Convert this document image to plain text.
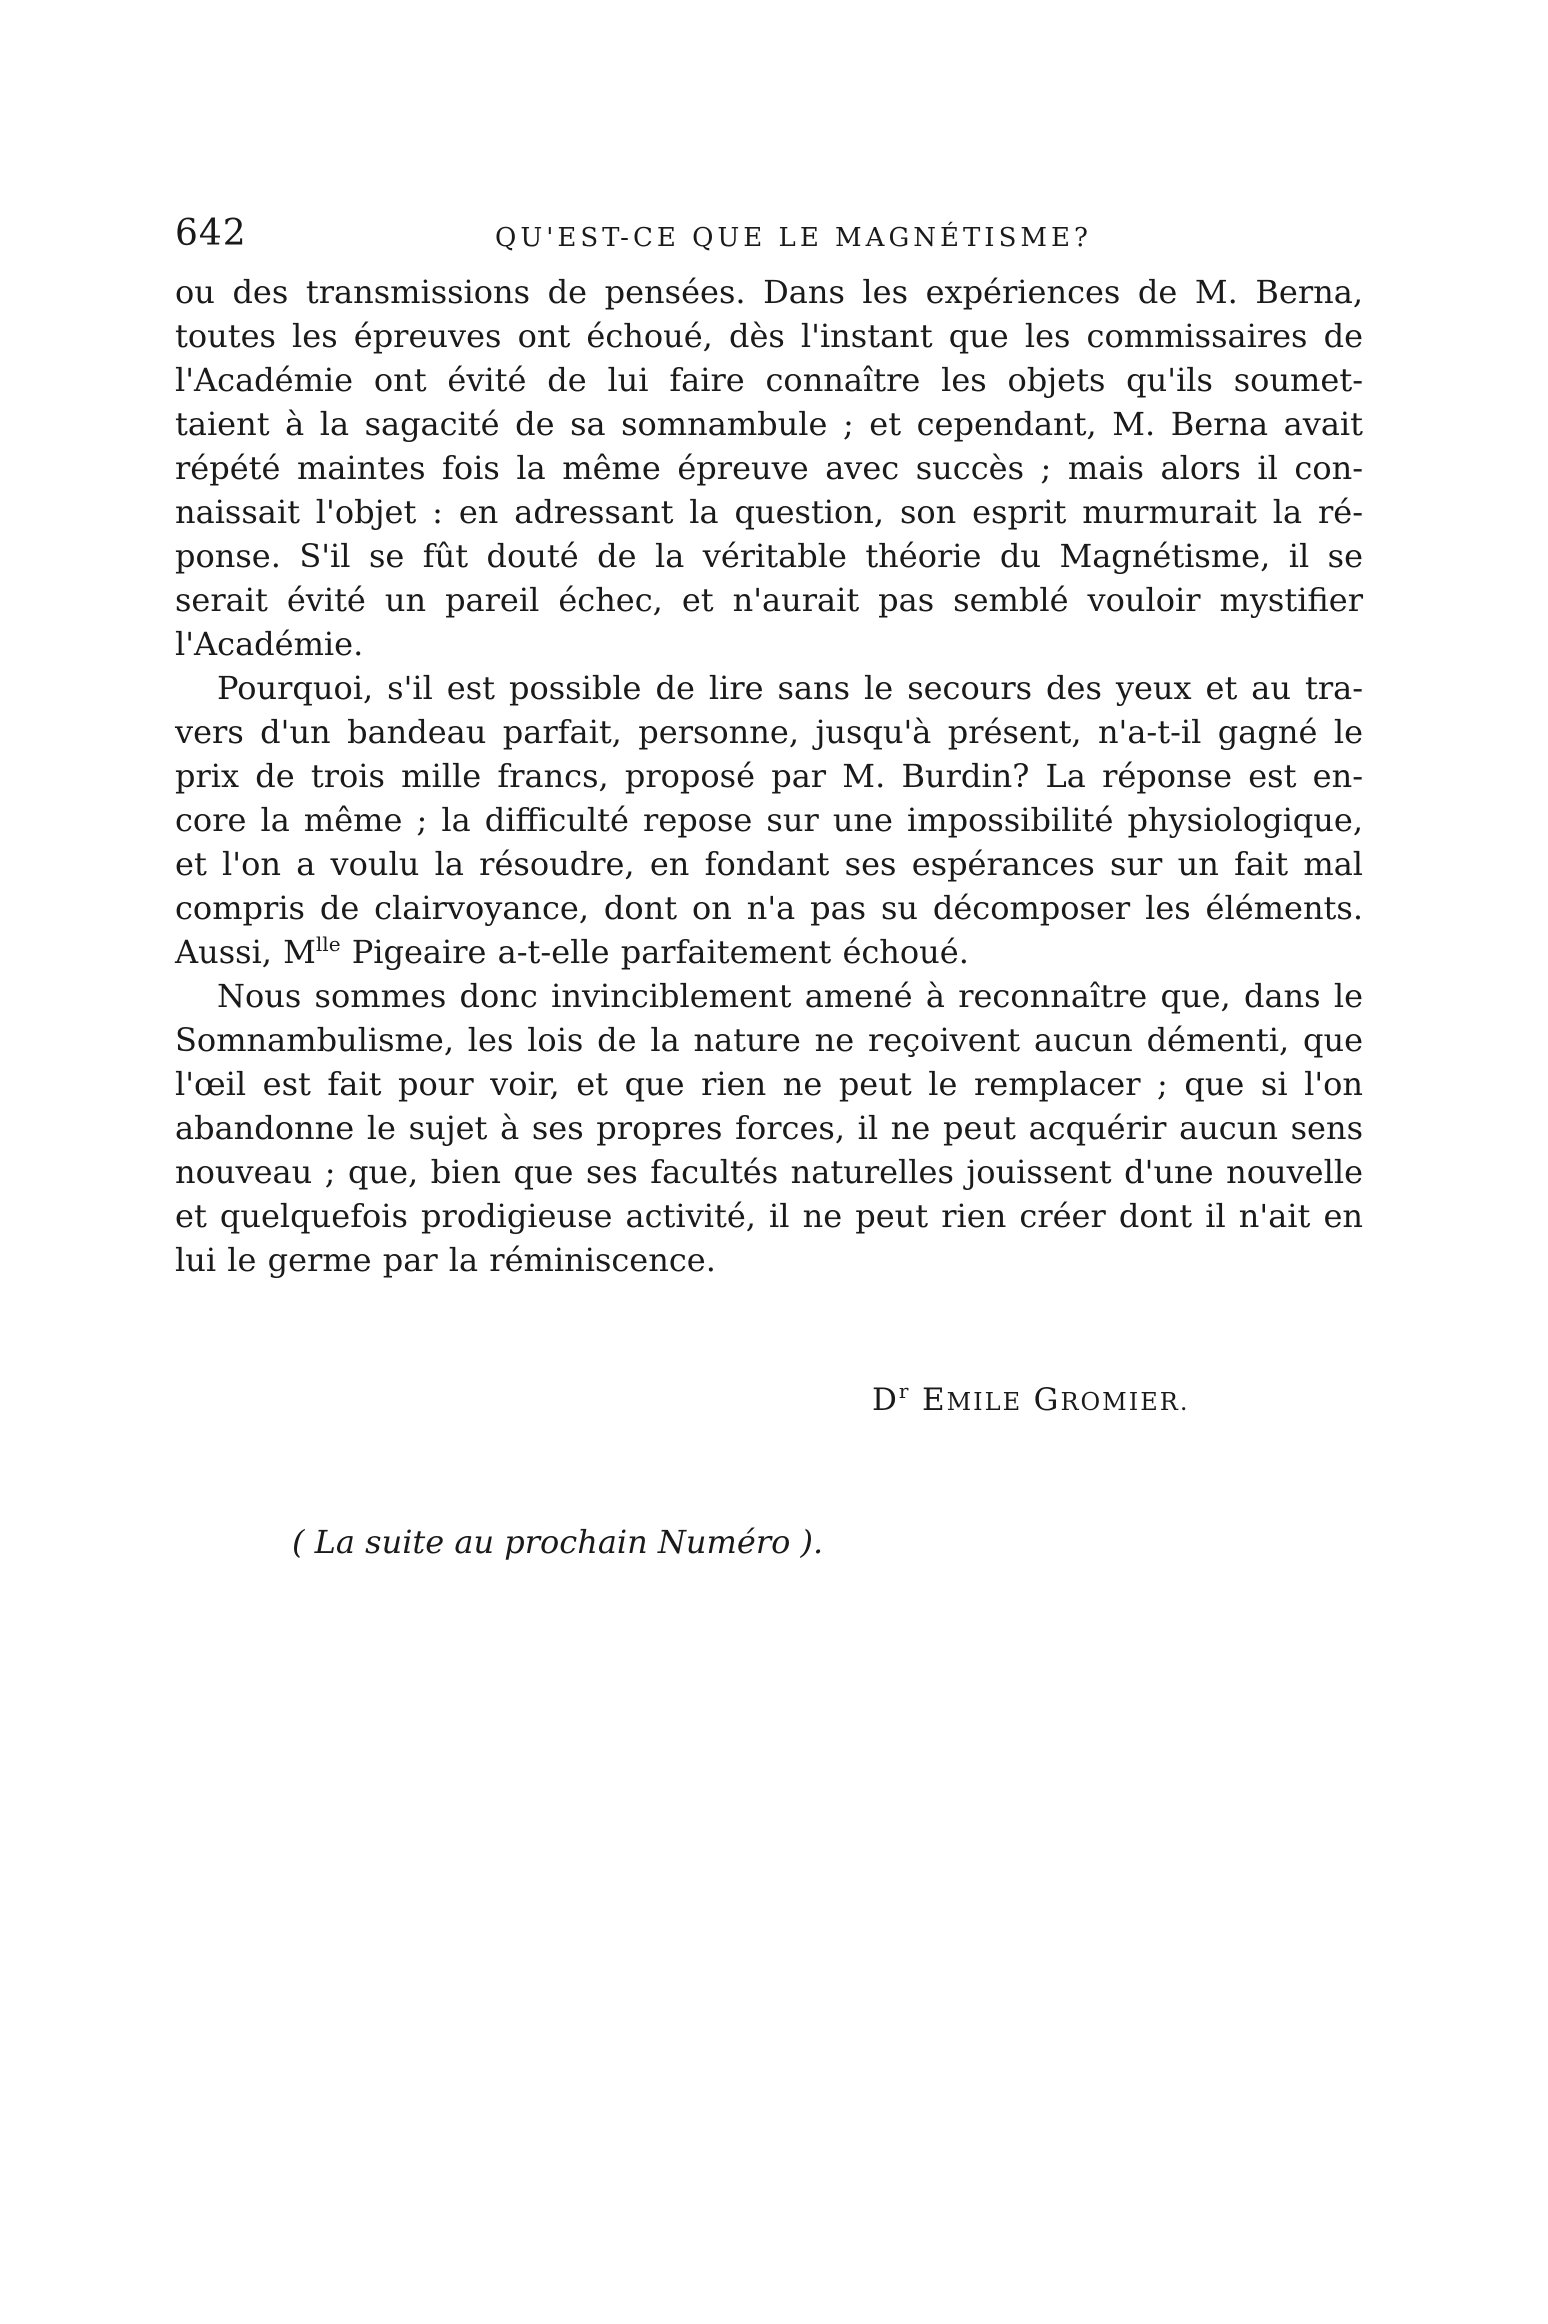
642	QU'EST-CE QUE LE MAGNÉTISME?

ou des transmissions de pensées. Dans les expériences de M. Berna, toutes les épreuves ont échoué, dès l'instant que les commissaires de l'Académie ont évité de lui faire connaître les objets qu'ils soumet- taient à la sagacité de sa somnambule ; et cependant, M. Berna avait répété maintes fois la même épreuve avec succès ; mais alors il con- naissait l'objet : en adressant la question, son esprit murmurait la ré- ponse. S'il se fût douté de la véritable théorie du Magnétisme, il se serait évité un pareil échec, et n'aurait pas semblé vouloir mystifier l'Académie.

Pourquoi, s'il est possible de lire sans le secours des yeux et au tra- vers d'un bandeau parfait, personne, jusqu'à présent, n'a-t-il gagné le prix de trois mille francs, proposé par M. Burdin? La réponse est en- core la même ; la difficulté repose sur une impossibilité physiologique, et l'on a voulu la résoudre, en fondant ses espérances sur un fait mal compris de clairvoyance, dont on n'a pas su décomposer les éléments. Aussi, $M^{lle}$ Pigeaire a-t-elle parfaitement échoué.

Nous sommes donc invinciblement amené à reconnaître que, dans le Somnambulisme, les lois de la nature ne reçoivent aucun démenti, que l'œil est fait pour voir, et que rien ne peut le remplacer ; que si l'on abandonne le sujet à ses propres forces, il ne peut acquérir aucun sens nouveau ; que, bien que ses facultés naturelles jouissent d'une nouvelle et quelquefois prodigieuse activité, il ne peut rien créer dont il n'ait en lui le germe par la réminiscence.

$D^r$ EMILE GROMIER.
( La suite au prochain Numéro ).
